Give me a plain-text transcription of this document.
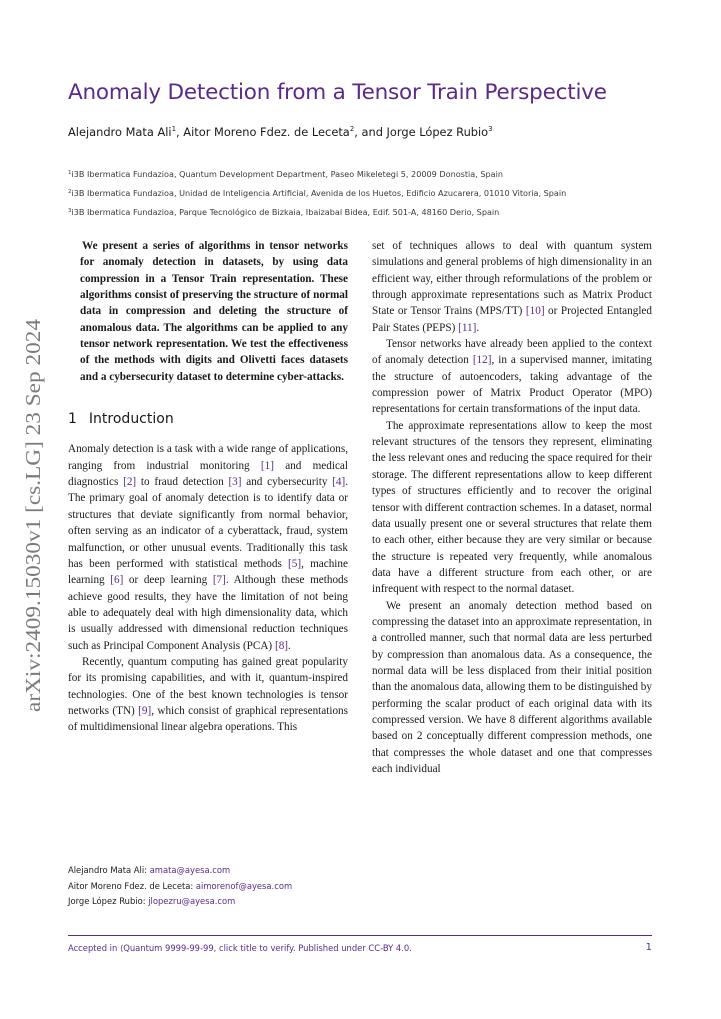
arXiv:2409.15030v1 [cs.LG] 23 Sep 2024
Anomaly Detection from a Tensor Train Perspective
Alejandro Mata Ali$^1$, Aitor Moreno Fdez. de Leceta$^2$, and Jorge López Rubio$^3$
$^1$i3B Ibermatica Fundazioa, Quantum Development Department, Paseo Mikeletegi 5, 20009 Donostia, Spain
$^2$i3B Ibermatica Fundazioa, Unidad de Inteligencia Artificial, Avenida de los Huetos, Edificio Azucarera, 01010 Vitoria, Spain
$^3$i3B Ibermatica Fundazioa, Parque Tecnológico de Bizkaia, Ibaizabal Bidea, Edif. 501-A, 48160 Derio, Spain
We present a series of algorithms in tensor networks for anomaly detection in datasets, by using data compression in a Tensor Train representation. These algorithms consist of preserving the structure of normal data in compression and deleting the structure of anomalous data. The algorithms can be applied to any tensor network representation. We test the effectiveness of the methods with digits and Olivetti faces datasets and a cybersecurity dataset to determine cyber-attacks.
1 Introduction

Anomaly detection is a task with a wide range of applications, ranging from industrial monitoring [1] and medical diagnostics [2] to fraud detection [3] and cybersecurity [4]. The primary goal of anomaly detection is to identify data or structures that deviate significantly from normal behavior, often serving as an indicator of a cyberattack, fraud, system malfunction, or other unusual events. Traditionally this task has been performed with statistical methods [5], machine learning [6] or deep learning [7]. Although these methods achieve good results, they have the limitation of not being able to adequately deal with high dimensionality data, which is usually addressed with dimensional reduction techniques such as Principal Component Analysis (PCA) [8].

Recently, quantum computing has gained great popularity for its promising capabilities, and with it, quantum-inspired technologies. One of the best known technologies is tensor networks (TN) [9], which consist of graphical representations of multidimensional linear algebra operations. This

set of techniques allows to deal with quantum system simulations and general problems of high dimensionality in an efficient way, either through reformulations of the problem or through approximate representations such as Matrix Product State or Tensor Trains (MPS/TT) [10] or Projected Entangled Pair States (PEPS) [11].

Tensor networks have already been applied to the context of anomaly detection [12], in a supervised manner, imitating the structure of autoencoders, taking advantage of the compression power of Matrix Product Operator (MPO) representations for certain transformations of the input data.

The approximate representations allow to keep the most relevant structures of the tensors they represent, eliminating the less relevant ones and reducing the space required for their storage. The different representations allow to keep different types of structures efficiently and to recover the original tensor with different contraction schemes. In a dataset, normal data usually present one or several structures that relate them to each other, either because they are very similar or because the structure is repeated very frequently, while anomalous data have a different structure from each other, or are infrequent with respect to the normal dataset.

We present an anomaly detection method based on compressing the dataset into an approximate representation, in a controlled manner, such that normal data are less perturbed by compression than anomalous data. As a consequence, the normal data will be less displaced from their initial position than the anomalous data, allowing them to be distinguished by performing the scalar product of each original data with its compressed version. We have 8 different algorithms available based on 2 conceptually different compression methods, one that compresses the whole dataset and one that compresses each individual

Alejandro Mata Ali: amata@ayesa.com
Aitor Moreno Fdez. de Leceta: aimorenof@ayesa.com
Jorge López Rubio: jlopezru@ayesa.com
Accepted in ⟨Quantum 9999-99-99, click title to verify. Published under CC-BY 4.0.	1
